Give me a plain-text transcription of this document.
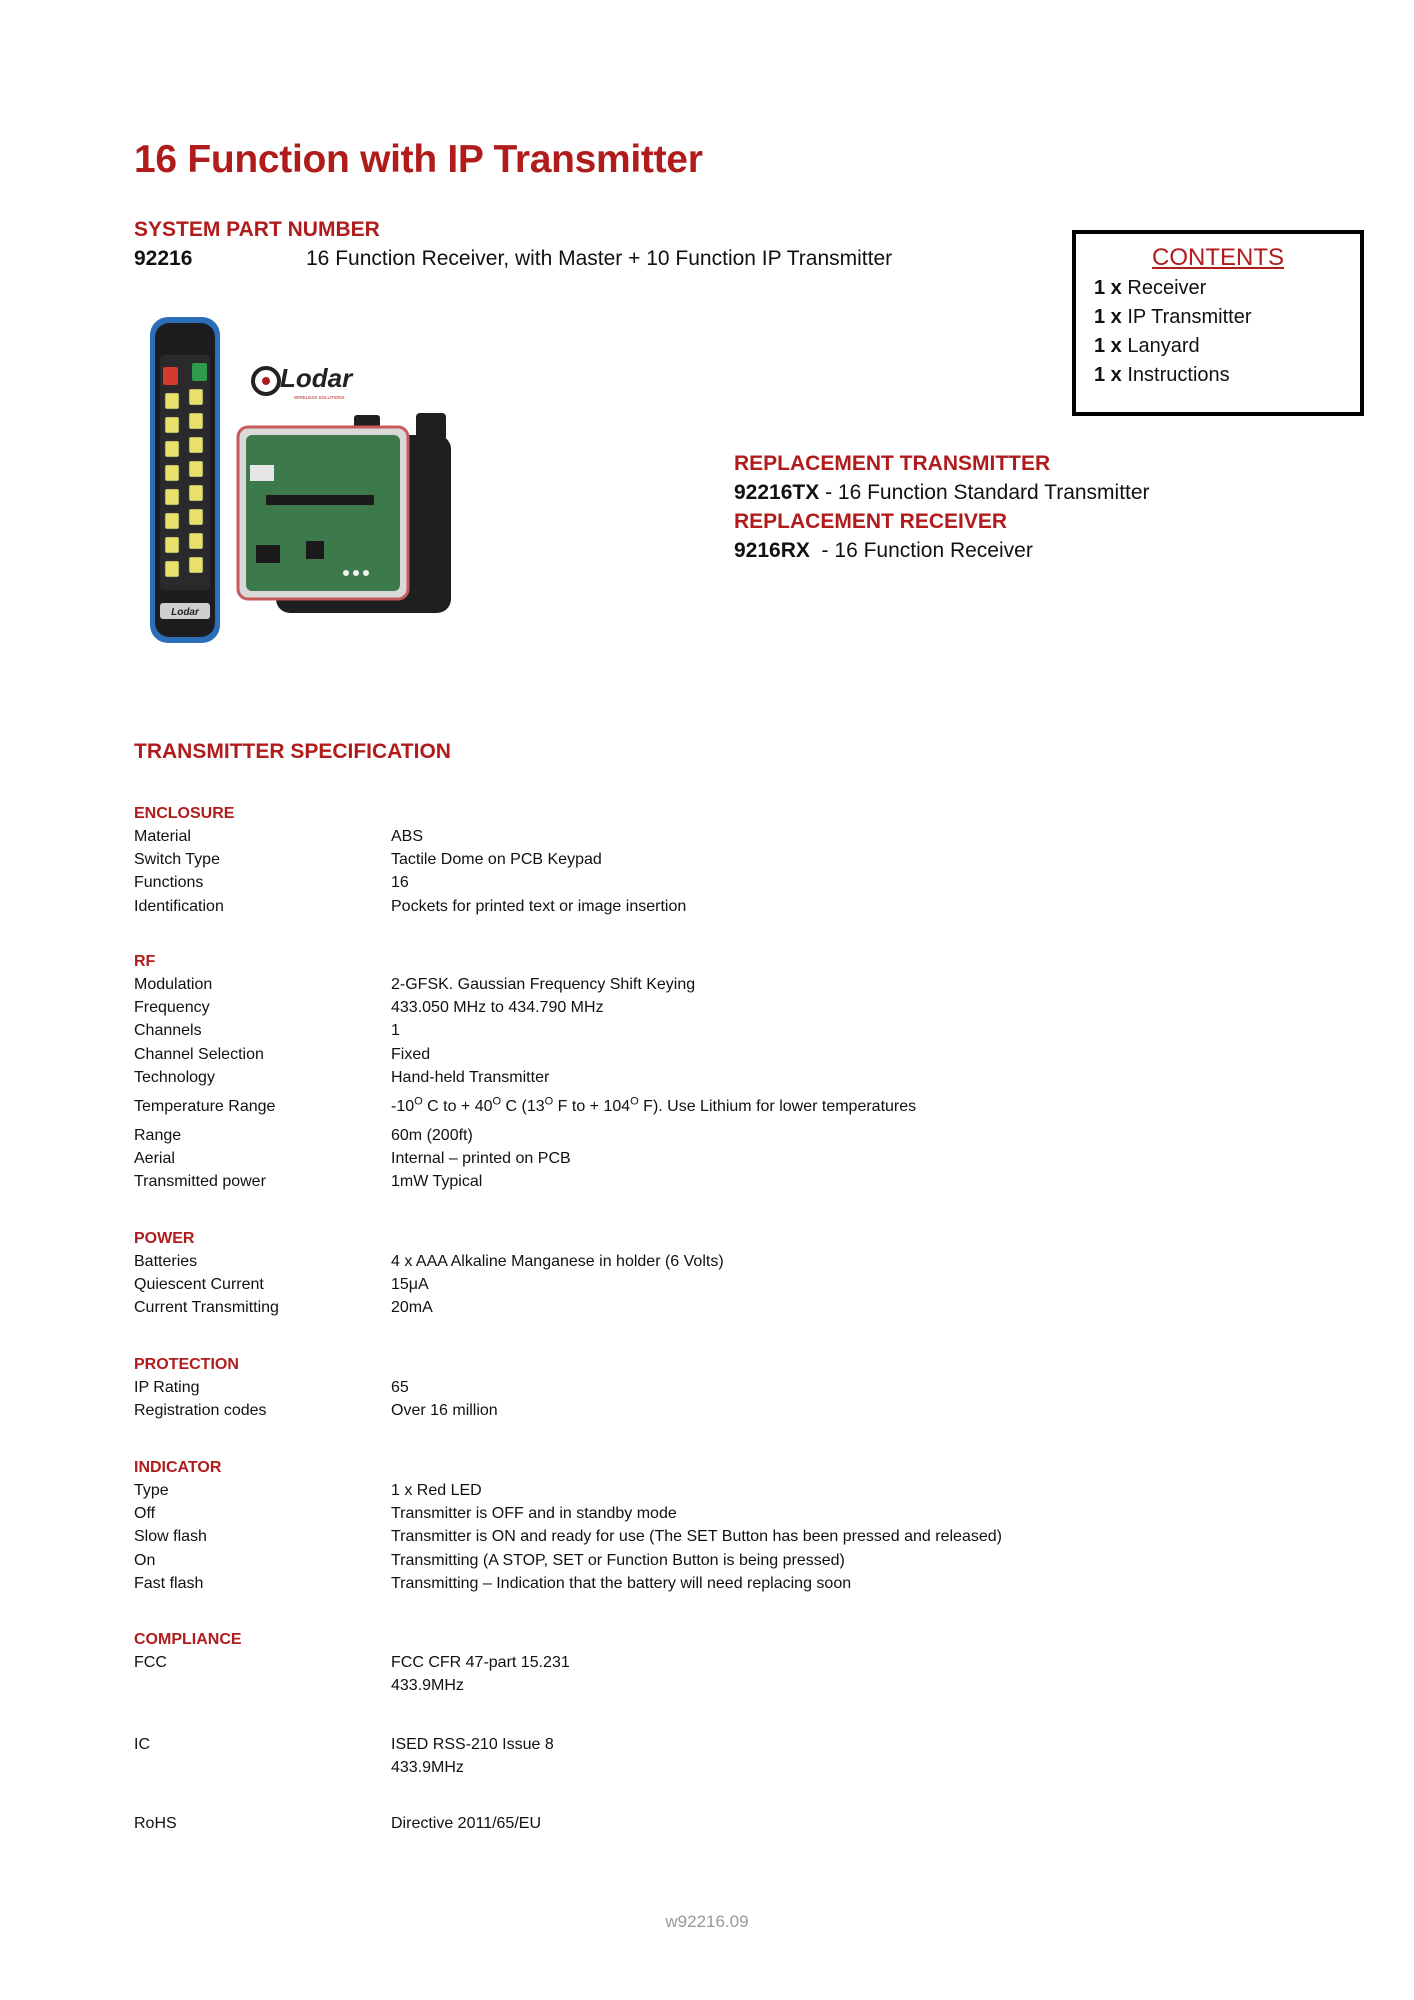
16 Function with IP Transmitter
SYSTEM PART NUMBER
92216	16 Function Receiver, with Master + 10 Function IP Transmitter	CONTENTS
1 x Receiver
1 x IP Transmitter
1 x Lanyard
1 x Instructions
Lodar
Lodar
WIRELESS SOLUTIONS
REPLACEMENT TRANSMITTER
92216TX - 16 Function Standard Transmitter
REPLACEMENT RECEIVER
9216RX  - 16 Function Receiver
TRANSMITTER SPECIFICATION
ENCLOSURE
Material	ABS
Switch Type	Tactile Dome on PCB Keypad
Functions	16
Identification	Pockets for printed text or image insertion
RF
Modulation	2-GFSK. Gaussian Frequency Shift Keying
Frequency	433.050 MHz to 434.790 MHz
Channels	1
Channel Selection	Fixed
Technology	Hand-held Transmitter
Temperature Range	$-10^O$ C to + $40^O$ C ($13^O$ F to + $104^O$ F). Use Lithium for lower temperatures
Range	60m (200ft)
Aerial	Internal – printed on PCB
Transmitted power	1mW Typical
POWER
Batteries	4 x AAA Alkaline Manganese in holder (6 Volts)
Quiescent Current	15μA
Current Transmitting	20mA
PROTECTION
IP Rating	65
Registration codes	Over 16 million
INDICATOR
Type	1 x Red LED
Off	Transmitter is OFF and in standby mode
Slow flash	Transmitter is ON and ready for use (The SET Button has been pressed and released)
On	Transmitting (A STOP, SET or Function Button is being pressed)
Fast flash	Transmitting – Indication that the battery will need replacing soon
COMPLIANCE
FCC	FCC CFR 47-part 15.231
433.9MHz
IC	ISED RSS-210 Issue 8
433.9MHz
RoHS	Directive 2011/65/EU
w92216.09
